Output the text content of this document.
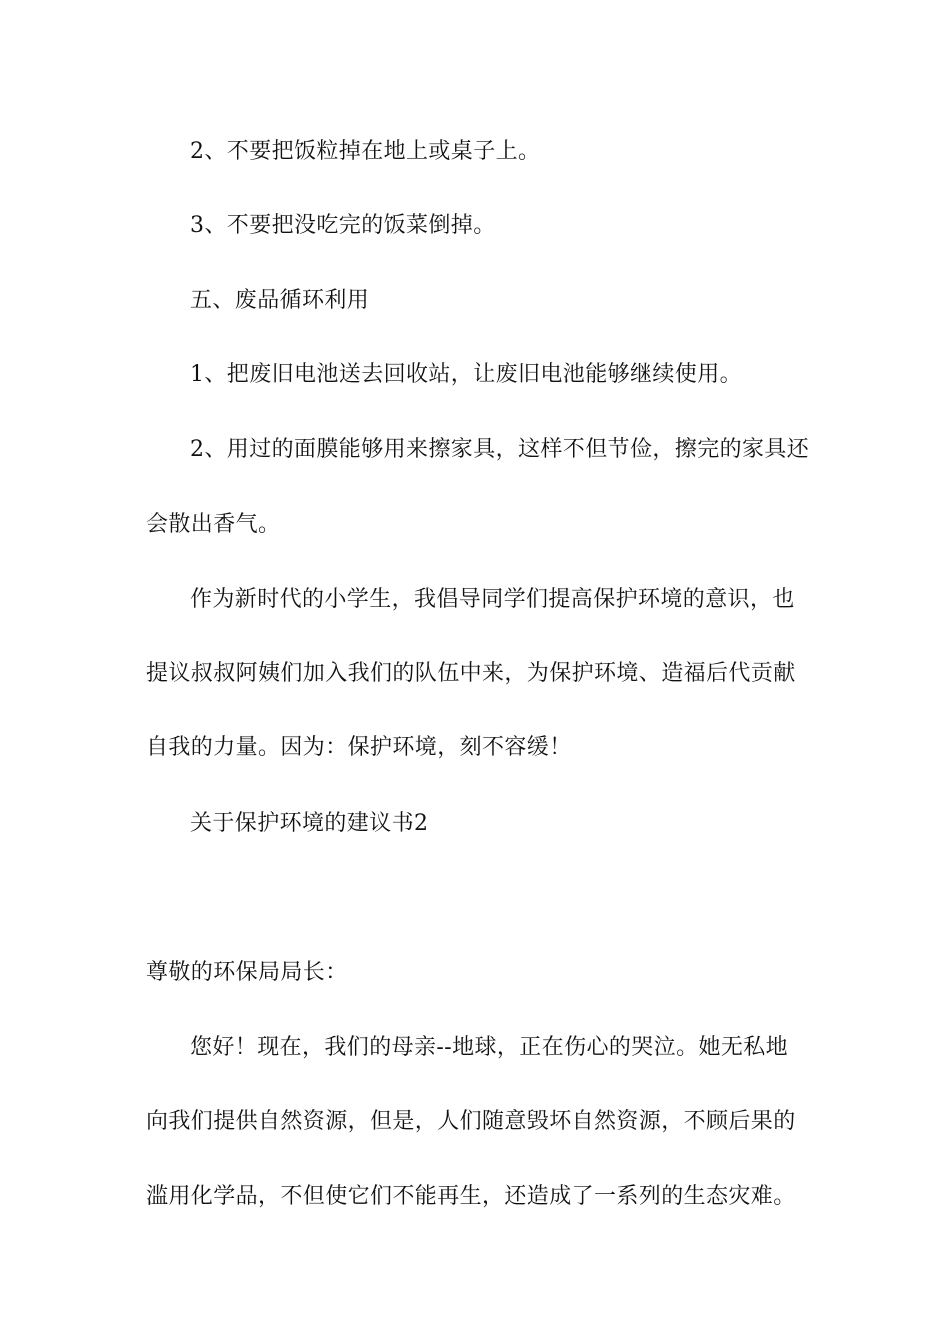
2、不要把饭粒掉在地上或桌子上。
3、不要把没吃完的饭菜倒掉。
五、废品循环利用
1、把废旧电池送去回收站，让废旧电池能够继续使用。
2、用过的面膜能够用来擦家具，这样不但节俭，擦完的家具还
会散出香气。
作为新时代的小学生，我倡导同学们提高保护环境的意识，也
提议叔叔阿姨们加入我们的队伍中来，为保护环境、造福后代贡献
自我的力量。因为：保护环境，刻不容缓！
关于保护环境的建议书2
尊敬的环保局局长：
您好！现在，我们的母亲--地球，正在伤心的哭泣。她无私地
向我们提供自然资源，但是，人们随意毁坏自然资源，不顾后果的
滥用化学品，不但使它们不能再生，还造成了一系列的生态灾难。
